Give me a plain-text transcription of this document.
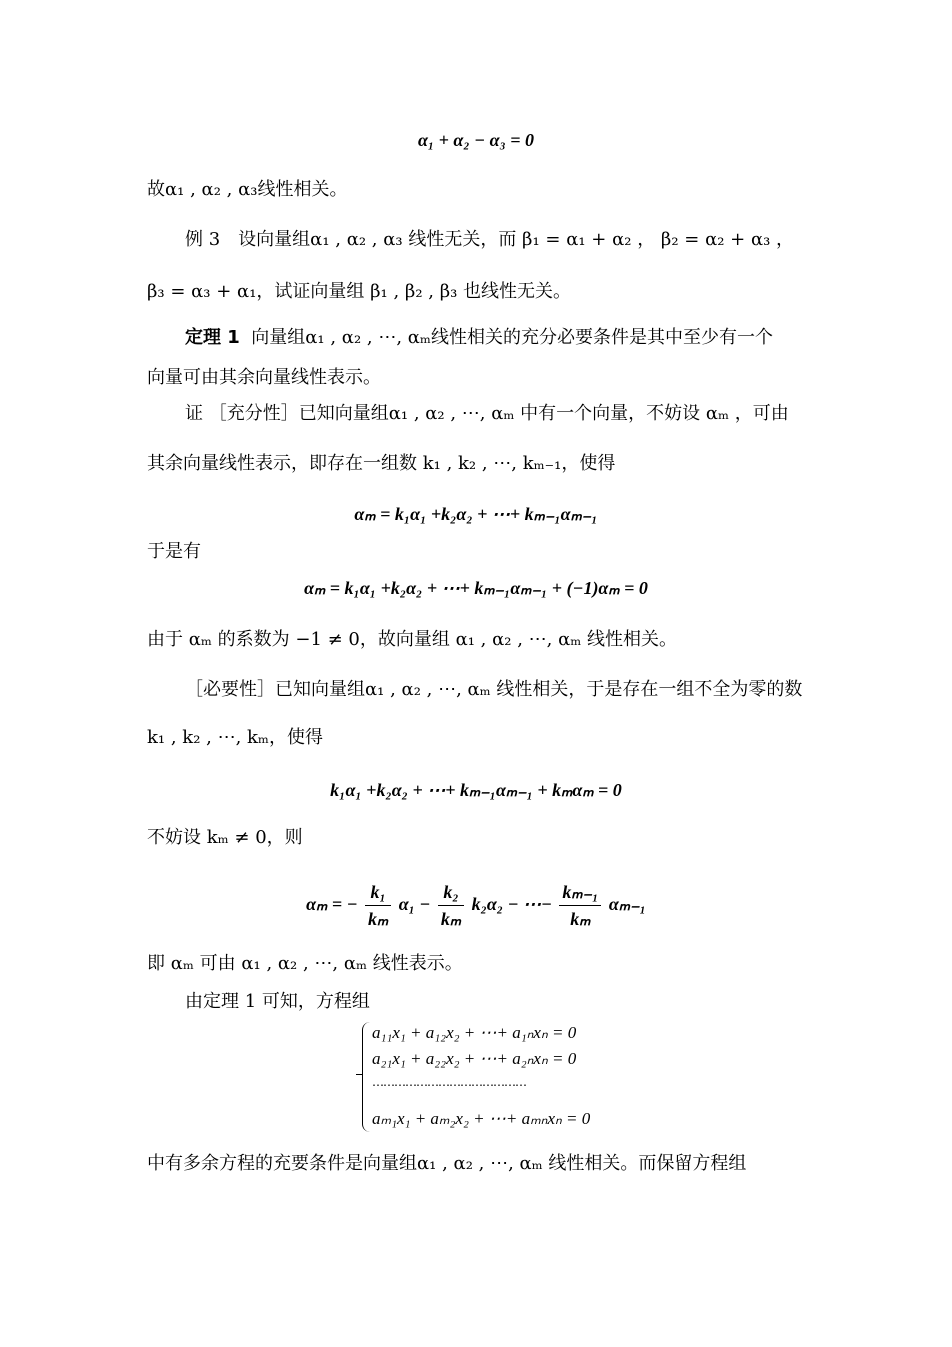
α₁ + α₂ − α₃ = 0
故α₁ , α₂ , α₃线性相关。
例 3　设向量组α₁ , α₂ , α₃ 线性无关，而 β₁ = α₁ + α₂ ， β₂ = α₂ + α₃ ，
β₃ = α₃ + α₁，试证向量组 β₁ , β₂ , β₃ 也线性无关。
定理 1 向量组α₁ , α₂ , ⋯, αₘ线性相关的充分必要条件是其中至少有一个
向量可由其余向量线性表示。
证 ［充分性］已知向量组α₁ , α₂ , ⋯, αₘ 中有一个向量，不妨设 αₘ ，可由
其余向量线性表示，即存在一组数 k₁ , k₂ , ⋯, kₘ₋₁，使得
αₘ = k₁α₁ +k₂α₂ + ⋯+ kₘ₋₁αₘ₋₁
于是有
αₘ = k₁α₁ +k₂α₂ + ⋯+ kₘ₋₁αₘ₋₁ + (−1)αₘ = 0
由于 αₘ 的系数为 −1 ≠ 0，故向量组 α₁ , α₂ , ⋯, αₘ 线性相关。
［必要性］已知向量组α₁ , α₂ , ⋯, αₘ 线性相关，于是存在一组不全为零的数
k₁ , k₂ , ⋯, kₘ，使得
k₁α₁ +k₂α₂ + ⋯+ kₘ₋₁αₘ₋₁ + kₘαₘ = 0
不妨设 kₘ ≠ 0，则
αₘ = − $\frac{\text{k₁}}{\text{kₘ}} \alpha_1 - \frac{\text{k₂}}{\text{kₘ}} k_2\alpha_2$ − ⋯− $\frac{\text{kₘ₋₁}}{\text{kₘ}} \alpha_{m-1}$
即 αₘ 可由 α₁ , α₂ , ⋯, αₘ 线性表示。
由定理 1 可知，方程组
a₁₁x₁ + a₁₂x₂ + ⋯+ a₁ₙxₙ = 0
a₂₁x₁ + a₂₂x₂ + ⋯+ a₂ₙxₙ = 0
⋯⋯⋯⋯⋯⋯⋯⋯⋯⋯⋯⋯⋯⋯
aₘ₁x₁ + aₘ₂x₂ + ⋯+ aₘₙxₙ = 0
中有多余方程的充要条件是向量组α₁ , α₂ , ⋯, αₘ 线性相关。而保留方程组
